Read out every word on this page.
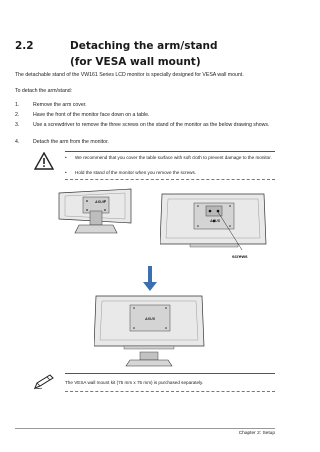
2.2	Detaching the arm/stand
(for VESA wall mount)
The detachable stand of the VW161 Series LCD monitor is specially designed for VESA wall mount.
To detach the arm/stand:
1.	Remove the arm cover.
2.	Have the front of the monitor face down on a table.
3.	Use a screwdriver to remove the three screws on the stand of the monitor as the below drawing shows.
4.	Detach the arm from the monitor.
• We recommend that you cover the table surface with soft cloth to prevent damage to the monitor.
• Hold the stand of the monitor when you remove the screws.
ASUS
ASUS
screws
ASUS
The VESA wall mount kit (75 mm x 75 mm) is purchased separately.
Chapter 2: Setup
